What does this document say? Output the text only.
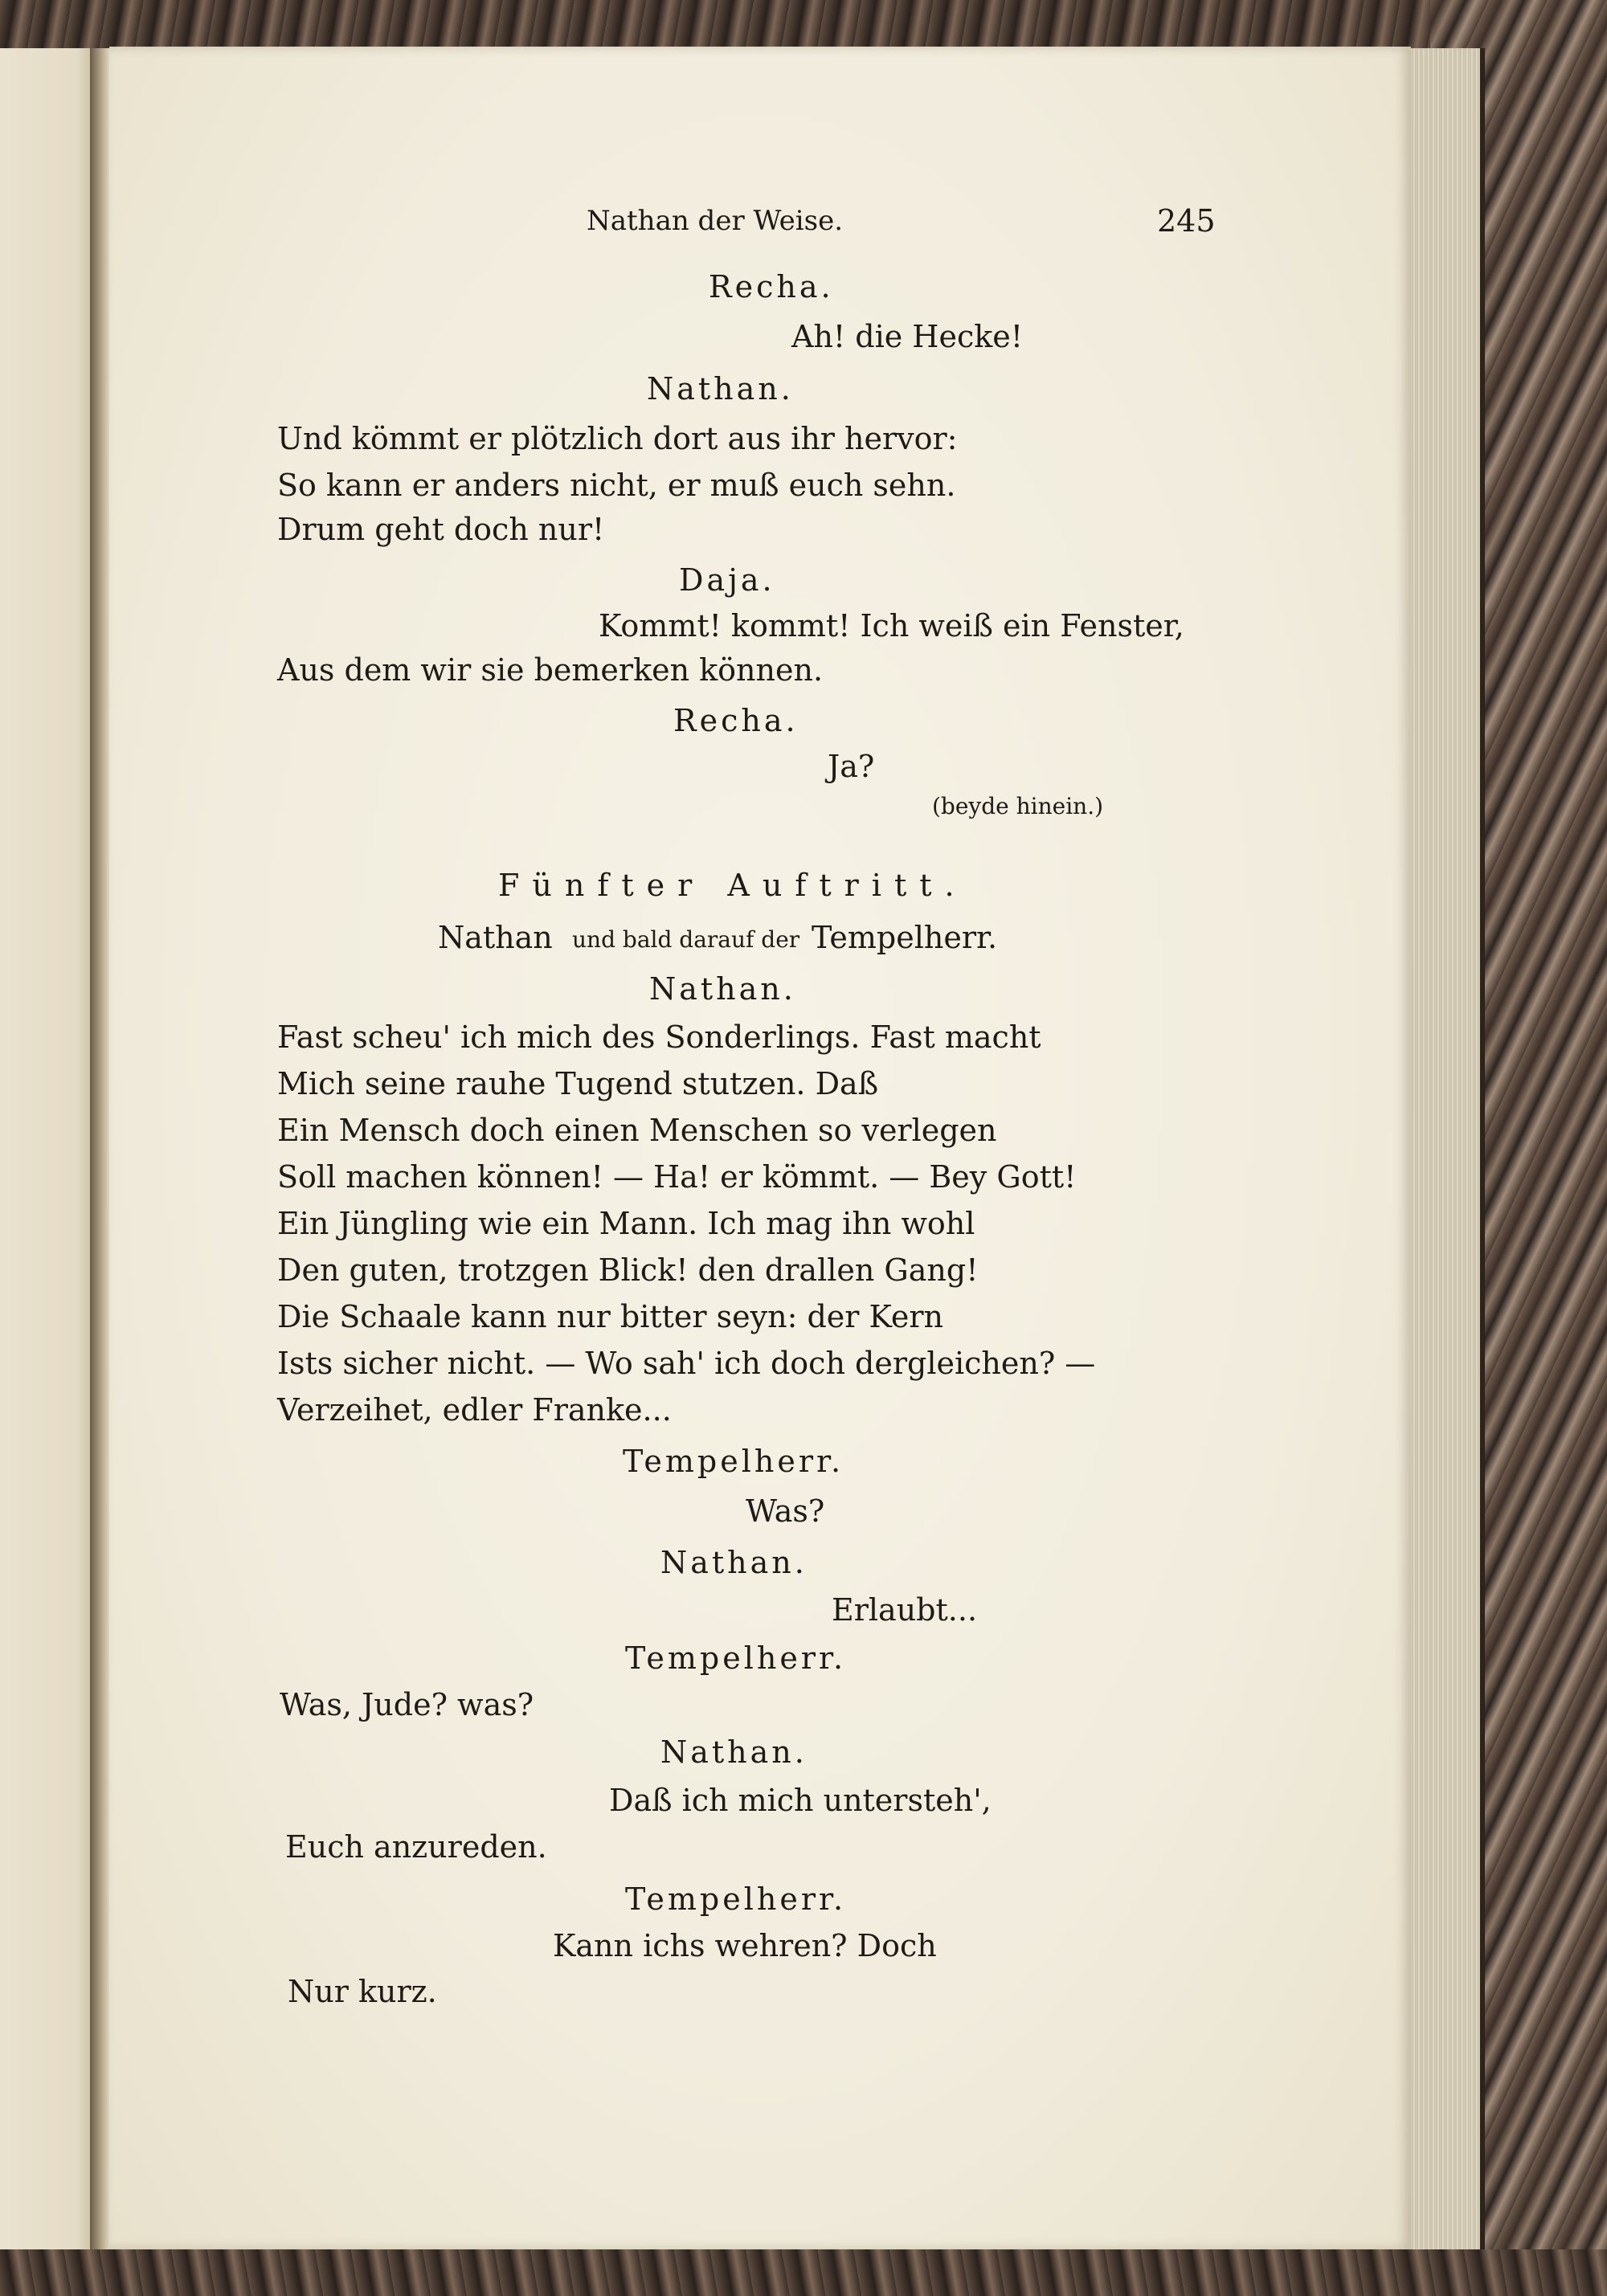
Nathan der Weise.	245
Recha.
Ah! die Hecke!
Nathan.
Und kömmt er plötzlich dort aus ihr hervor:
So kann er anders nicht, er muß euch sehn.
Drum geht doch nur!
Daja.
Kommt! kommt! Ich weiß ein Fenster,
Aus dem wir sie bemerken können.
Recha.
Ja?
(beyde hinein.)
Fünfter Auftritt.
Nathan und bald darauf der Tempelherr.
Nathan.
Fast scheu' ich mich des Sonderlings. Fast macht
Mich seine rauhe Tugend stutzen. Daß
Ein Mensch doch einen Menschen so verlegen
Soll machen können! — Ha! er kömmt. — Bey Gott!
Ein Jüngling wie ein Mann. Ich mag ihn wohl
Den guten, trotzgen Blick! den drallen Gang!
Die Schaale kann nur bitter seyn: der Kern
Ists sicher nicht. — Wo sah' ich doch dergleichen? —
Verzeihet, edler Franke...
Tempelherr.
Was?
Nathan.
Erlaubt...
Tempelherr.
Was, Jude? was?
Nathan.
Daß ich mich untersteh',
Euch anzureden.
Tempelherr.
Kann ichs wehren? Doch
Nur kurz.
